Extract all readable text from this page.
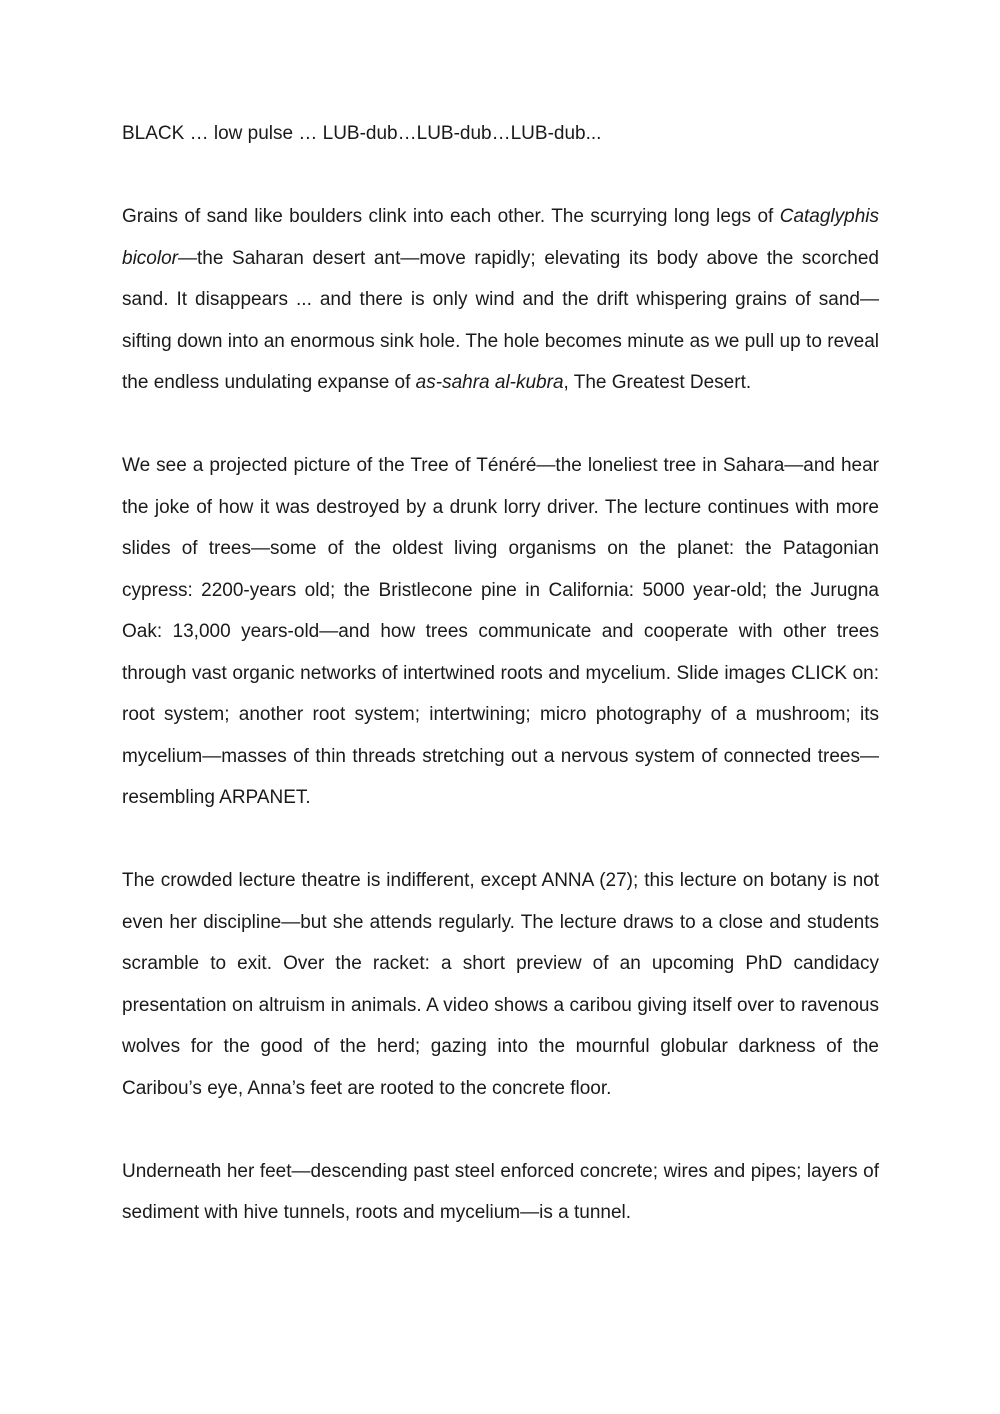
BLACK … low pulse … LUB-dub…LUB-dub…LUB-dub...

Grains of sand like boulders clink into each other. The scurrying long legs of Cataglyphis bicolor—the Saharan desert ant—move rapidly; elevating its body above the scorched sand. It disappears ... and there is only wind and the drift whispering grains of sand—sifting down into an enormous sink hole. The hole becomes minute as we pull up to reveal the endless undulating expanse of as-sahra al-kubra, The Greatest Desert.

We see a projected picture of the Tree of Ténéré—the loneliest tree in Sahara—and hear the joke of how it was destroyed by a drunk lorry driver. The lecture continues with more slides of trees—some of the oldest living organisms on the planet: the Patagonian cypress: 2200-years old; the Bristlecone pine in California: 5000 year-old; the Jurugna Oak: 13,000 years-old—and how trees communicate and cooperate with other trees through vast organic networks of intertwined roots and mycelium. Slide images CLICK on: root system; another root system; intertwining; micro photography of a mushroom; its mycelium—masses of thin threads stretching out a nervous system of connected trees—resembling ARPANET.

The crowded lecture theatre is indifferent, except ANNA (27); this lecture on botany is not even her discipline—but she attends regularly. The lecture draws to a close and students scramble to exit. Over the racket: a short preview of an upcoming PhD candidacy presentation on altruism in animals. A video shows a caribou giving itself over to ravenous wolves for the good of the herd; gazing into the mournful globular darkness of the Caribou’s eye, Anna’s feet are rooted to the concrete floor.

Underneath her feet—descending past steel enforced concrete; wires and pipes; layers of sediment with hive tunnels, roots and mycelium—is a tunnel.
